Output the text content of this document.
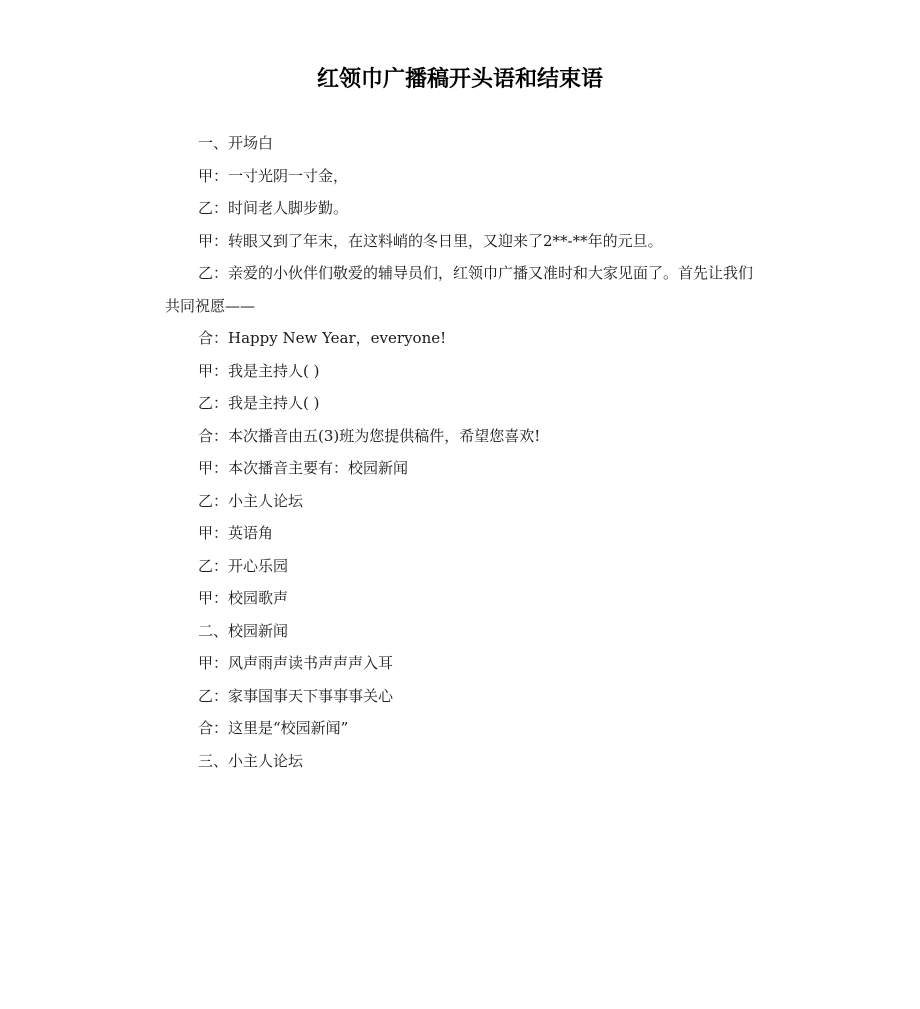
红领巾广播稿开头语和结束语

一、开场白

甲：一寸光阴一寸金，

乙：时间老人脚步勤。

甲：转眼又到了年末，在这料峭的冬日里，又迎来了2**-**年的元旦。

乙：亲爱的小伙伴们敬爱的辅导员们，红领巾广播又准时和大家见面了。首先让我们共同祝愿——

合：Happy New Year，everyone!

甲：我是主持人( )

乙：我是主持人( )

合：本次播音由五(3)班为您提供稿件，希望您喜欢!

甲：本次播音主要有：校园新闻

乙：小主人论坛

甲：英语角

乙：开心乐园

甲：校园歌声

二、校园新闻

甲：风声雨声读书声声声入耳

乙：家事国事天下事事事关心

合：这里是“校园新闻”

三、小主人论坛
